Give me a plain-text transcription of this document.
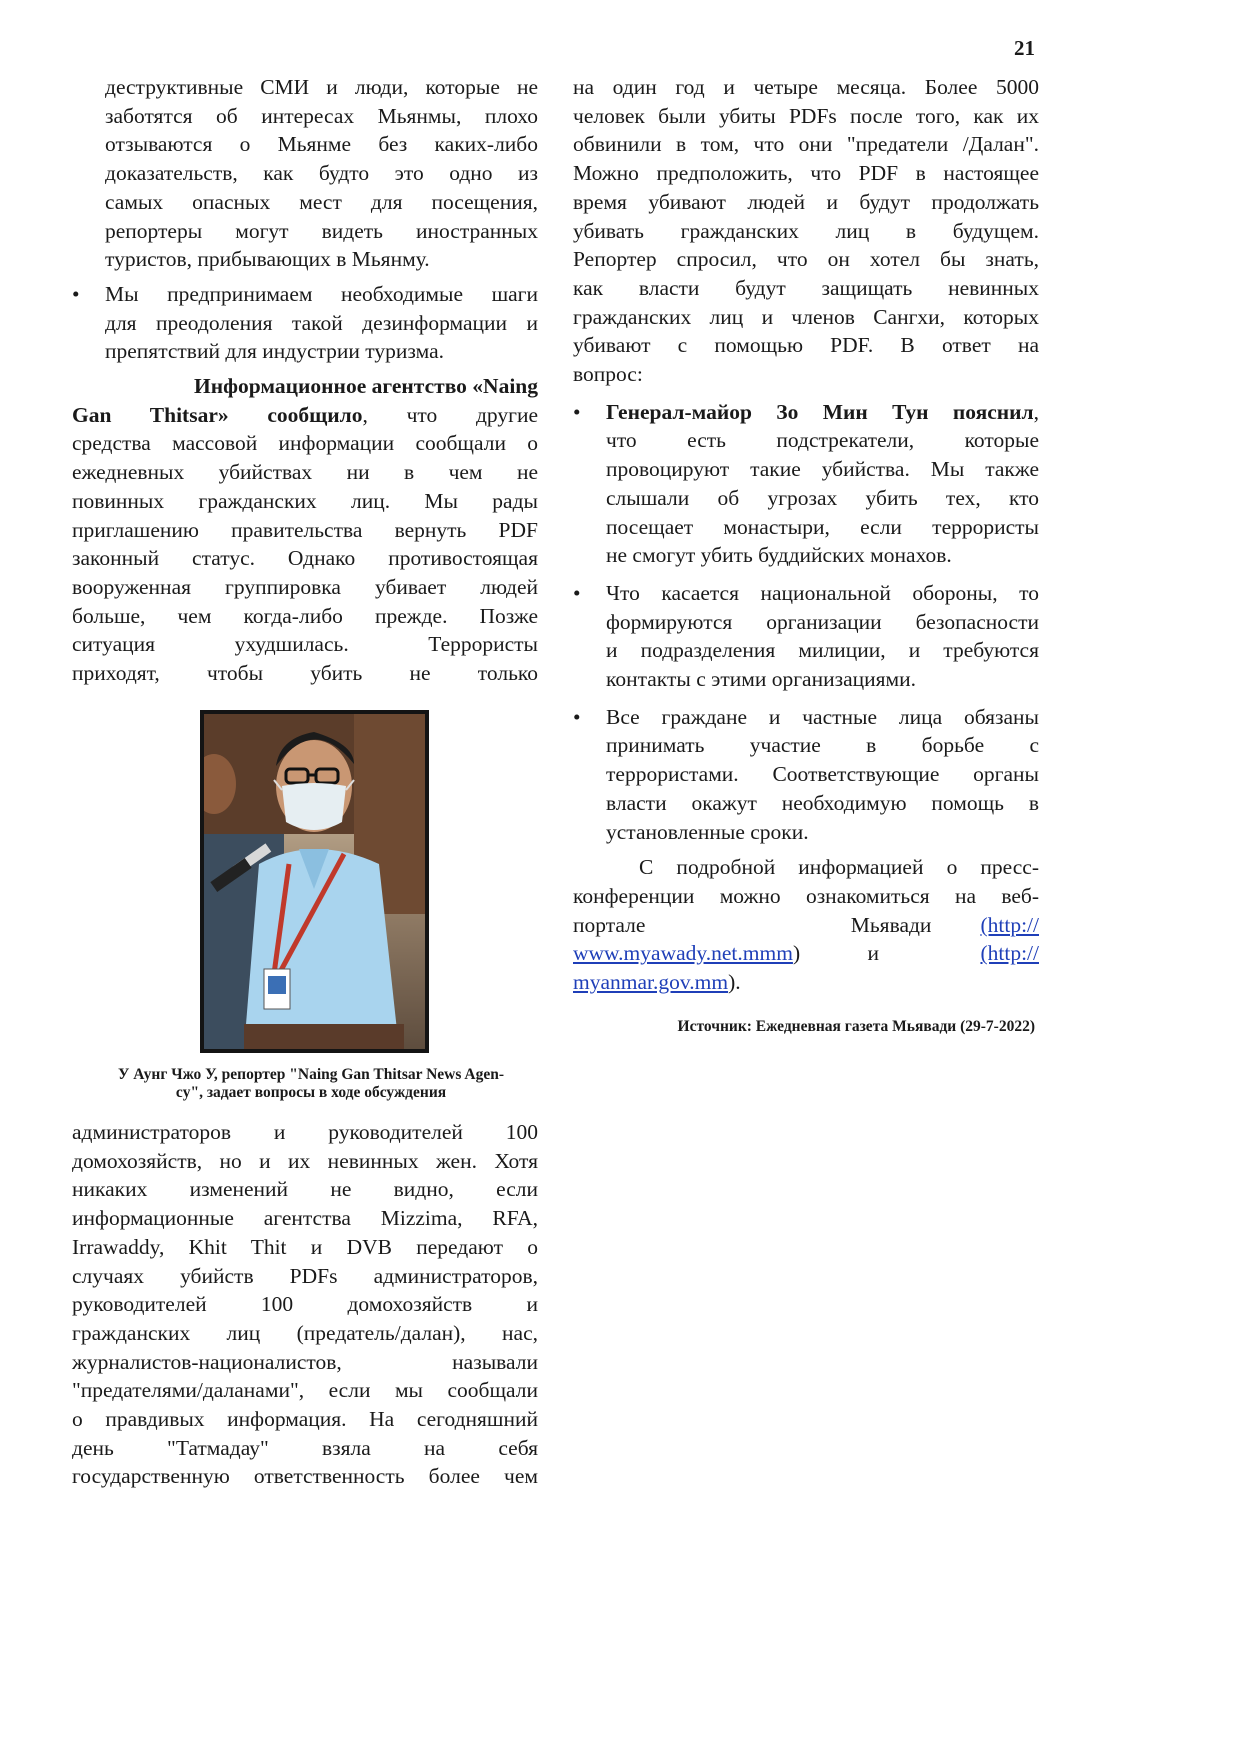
21
деструктивные СМИ и люди, которые не
заботятся об интересах Мьянмы, плохо
отзываются о Мьянме без каких-либо
доказательств, как будто это одно из
самых опасных мест для посещения,
репортеры могут видеть иностранных
туристов, прибывающих в Мьянму.
• Мы предпринимаем необходимые шаги
для преодоления такой дезинформации и
препятствий для индустрии туризма.
Информационное агентство «Naing
Gan Thitsar» сообщило, что другие
средства массовой информации сообщали о
ежедневных убийствах ни в чем не
повинных гражданских лиц. Мы рады
приглашению правительства вернуть PDF
законный статус. Однако противостоящая
вооруженная группировка убивает людей
больше, чем когда-либо прежде. Позже
ситуация ухудшилась. Террористы
приходят, чтобы убить не только
У Аунг Чжо У, репортер "Naing Gan Thitsar News Agen-
cy", задает вопросы в ходе обсуждения
администраторов и руководителей 100
домохозяйств, но и их невинных жен. Хотя
никаких изменений не видно, если
информационные агентства Mizzima, RFA,
Irrawaddy, Khit Thit и DVB передают о
случаях убийств PDFs администраторов,
руководителей 100 домохозяйств и
гражданских лиц (предатель/далан), нас,
журналистов-националистов, называли
"предателями/даланами", если мы сообщали
о правдивых информация. На сегодняшний
день "Татмадау" взяла на себя
государственную ответственность более чем
на один год и четыре месяца. Более 5000
человек были убиты PDFs после того, как их
обвинили в том, что они "предатели /Далан".
Можно предположить, что PDF в настоящее
время убивают людей и будут продолжать
убивать гражданских лиц в будущем.
Репортер спросил, что он хотел бы знать,
как власти будут защищать невинных
гражданских лиц и членов Сангхи, которых
убивают с помощью PDF. В ответ на
вопрос:
• Генерал-майор Зо Мин Тун пояснил,
что есть подстрекатели, которые
провоцируют такие убийства. Мы также
слышали об угрозах убить тех, кто
посещает монастыри, если террористы
не смогут убить буддийских монахов.
• Что касается национальной обороны, то
формируются организации безопасности
и подразделения милиции, и требуются
контакты с этими организациями.
• Все граждане и частные лица обязаны
принимать участие в борьбе с
террористами. Соответствующие органы
власти окажут необходимую помощь в
установленные сроки.
С подробной информацией о пресс-
конференции можно ознакомиться на веб-
портале Мьявади (http://
www.myawady.net.mmm) и	(http://
myanmar.gov.mm).
Источник: Ежедневная газета Мьявади (29-7-2022)
